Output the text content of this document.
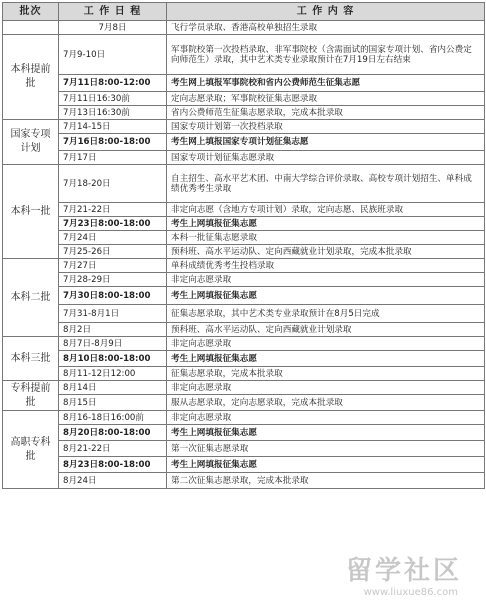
批次	工 作 日 程	工 作 内 容
	7月8日	飞行学员录取、香港高校单独招生录取
本科提前批	7月9-10日	军事院校第一次投档录取、非军事院校（含需面试的国家专项计划、省内公费定向师范生）录取，其中艺术类专业录取预计在7月19日左右结束
	7月11日8:00-12:00	考生网上填报军事院校和省内公费师范生征集志愿
	7月11日16:30前	定向志愿录取；军事院校征集志愿录取
	7月13日16:30前	省内公费师范生征集志愿录取，完成本批录取
国家专项计划	7月14-15日	国家专项计划第一次投档录取
	7月16日8:00-18:00	考生网上填报国家专项计划征集志愿
	7月17日	国家专项计划征集志愿录取
本科一批	7月18-20日	自主招生、高水平艺术团、中南大学综合评价录取、高校专项计划招生、单科成绩优秀考生录取
	7月21-22日	非定向志愿（含地方专项计划）录取，定向志愿、民族班录取
	7月23日8:00-18:00	考生上网填报征集志愿
	7月24日	本科一批征集志愿录取
	7月25-26日	预科班、高水平运动队、定向西藏就业计划录取，完成本批录取
本科二批	7月27日	单科成绩优秀考生投档录取
	7月28-29日	非定向志愿录取
	7月30日8:00-18:00	考生上网填报征集志愿
	7月31-8月1日	征集志愿录取，其中艺术类专业录取预计在8月5日完成
	8月2日	预科班、高水平运动队、定向西藏就业计划录取
本科三批	8月7日-8月9日	非定向志愿录取
	8月10日8:00-18:00	考生上网填报征集志愿
	8月11-12日12:00	征集志愿录取，完成本批录取
专科提前批	8月14日	非定向志愿录取
	8月15日	服从志愿录取，定向志愿录取，完成本批录取
高职专科批	8月16-18日16:00前	非定向志愿录取
	8月20日8:00-18:00	考生上网填报征集志愿
	8月21-22日	第一次征集志愿录取
	8月23日8:00-18:00	考生上网填报征集志愿
	8月24日	第二次征集志愿录取，完成本批录取
留学社区
www.liuxue86.com
